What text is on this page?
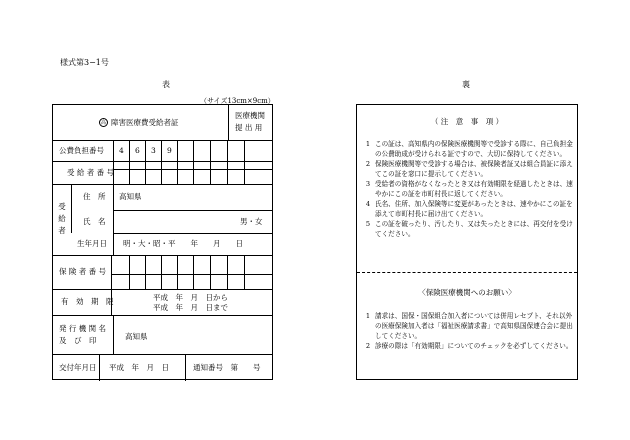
様式第3−1号
表	裏
（サイズ13cm×9cm）
高 障害医療費受給者証
医療機関
提 出 用
公費負担番号 4 6 3 9
受 給 者 番 号
受
給
者
住　所 高知県
氏　名	男・女
生年月日 明・大・昭・平　　年　　月　　日
保 険 者 番 号
有　効　期　限	平成　年　月　日から
平成　年　月　日まで
発 行 機 関 名
及　び　印	高知県
交付年月日 平成　年　月　日	通知番号　第　　号
（ 注　意　事　項 ）
1 この証は、高知県内の保険医療機関等で受診する際に、自己負担金の公費助成が受けられる証ですので、大切に保持してください。
2 保険医療機関等で受診する場合は、被保険者証又は組合員証に添えてこの証を窓口に提示してください。
3 受給者の資格がなくなったとき又は有効期限を経過したときは、速やかにこの証を市町村長に返してください。
4 氏名、住所、加入保険等に変更があったときは、速やかにこの証を添えて市町村長に届け出てください。
5 この証を破ったり、汚したり、又は失ったときには、再交付を受けてください。
〈保険医療機関へのお願い〉
1 請求は、国保・国保組合加入者については併用レセプト、それ以外の医療保険加入者は「福祉医療請求書」で高知県国保連合会に提出してください。
2 診療の際は「有効期限」についてのチェックを必ずしてください。
